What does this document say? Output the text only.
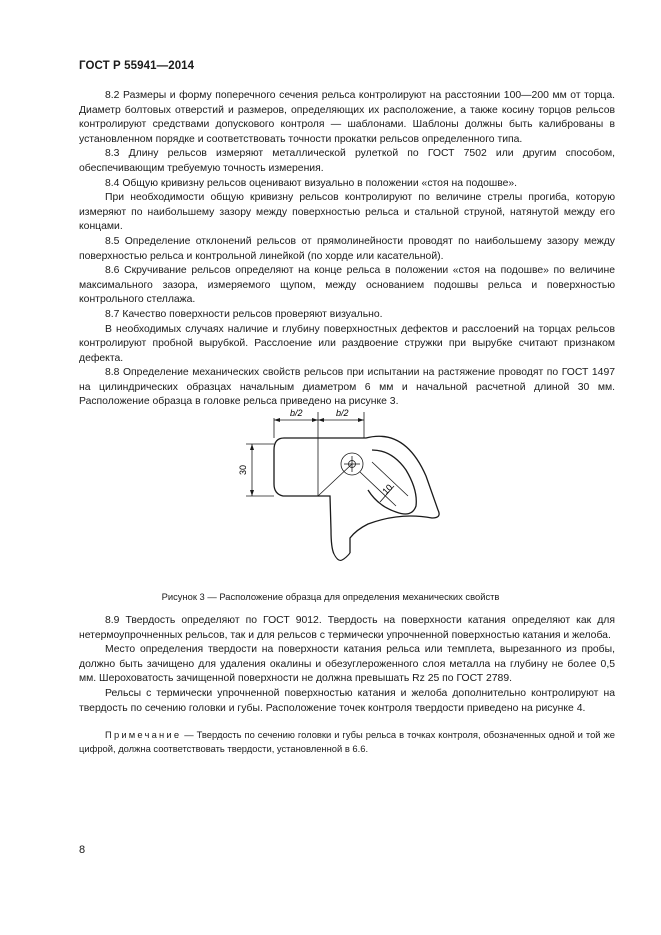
ГОСТ Р 55941—2014

8.2 Размеры и форму поперечного сечения рельса контролируют на расстоянии 100—200 мм от торца. Диаметр болтовых отверстий и размеров, определяющих их расположение, а также косину торцов рельсов контролируют средствами допускового контроля — шаблонами. Шаблоны должны быть калиброваны в установленном порядке и соответствовать точности прокатки рельсов определенного типа.

8.3 Длину рельсов измеряют металлической рулеткой по ГОСТ 7502 или другим способом, обеспечивающим требуемую точность измерения.

8.4 Общую кривизну рельсов оценивают визуально в положении «стоя на подошве».

При необходимости общую кривизну рельсов контролируют по величине стрелы прогиба, которую измеряют по наибольшему зазору между поверхностью рельса и стальной струной, натянутой между его концами.

8.5 Определение отклонений рельсов от прямолинейности проводят по наибольшему зазору между поверхностью рельса и контрольной линейкой (по хорде или касательной).

8.6 Скручивание рельсов определяют на конце рельса в положении «стоя на подошве» по величине максимального зазора, измеряемого щупом, между основанием подошвы рельса и поверхностью контрольного стеллажа.

8.7 Качество поверхности рельсов проверяют визуально.

В необходимых случаях наличие и глубину поверхностных дефектов и расслоений на торцах рельсов контролируют пробной вырубкой. Расслоение или раздвоение стружки при вырубке считают признаком дефекта.

8.8 Определение механических свойств рельсов при испытании на растяжение проводят по ГОСТ 1497 на цилиндрических образцах начальным диаметром 6 мм и начальной расчетной длиной 30 мм. Расположение образца в головке рельса приведено на рисунке 3.

b/2	b/2
30
10
Рисунок 3 — Расположение образца для определения механических свойств

8.9 Твердость определяют по ГОСТ 9012. Твердость на поверхности катания определяют как для нетермоупрочненных рельсов, так и для рельсов с термически упрочненной поверхностью катания и желоба.

Место определения твердости на поверхности катания рельса или темплета, вырезанного из пробы, должно быть зачищено для удаления окалины и обезуглероженного слоя металла на глубину не более 0,5 мм. Шероховатость зачищенной поверхности не должна превышать Rz 25 по ГОСТ 2789.

Рельсы с термически упрочненной поверхностью катания и желоба дополнительно контролируют на твердость по сечению головки и губы. Расположение точек контроля твердости приведено на рисунке 4.

Примечание — Твердость по сечению головки и губы рельса в точках контроля, обозначенных одной и той же цифрой, должна соответствовать твердости, установленной в 6.6.
8
